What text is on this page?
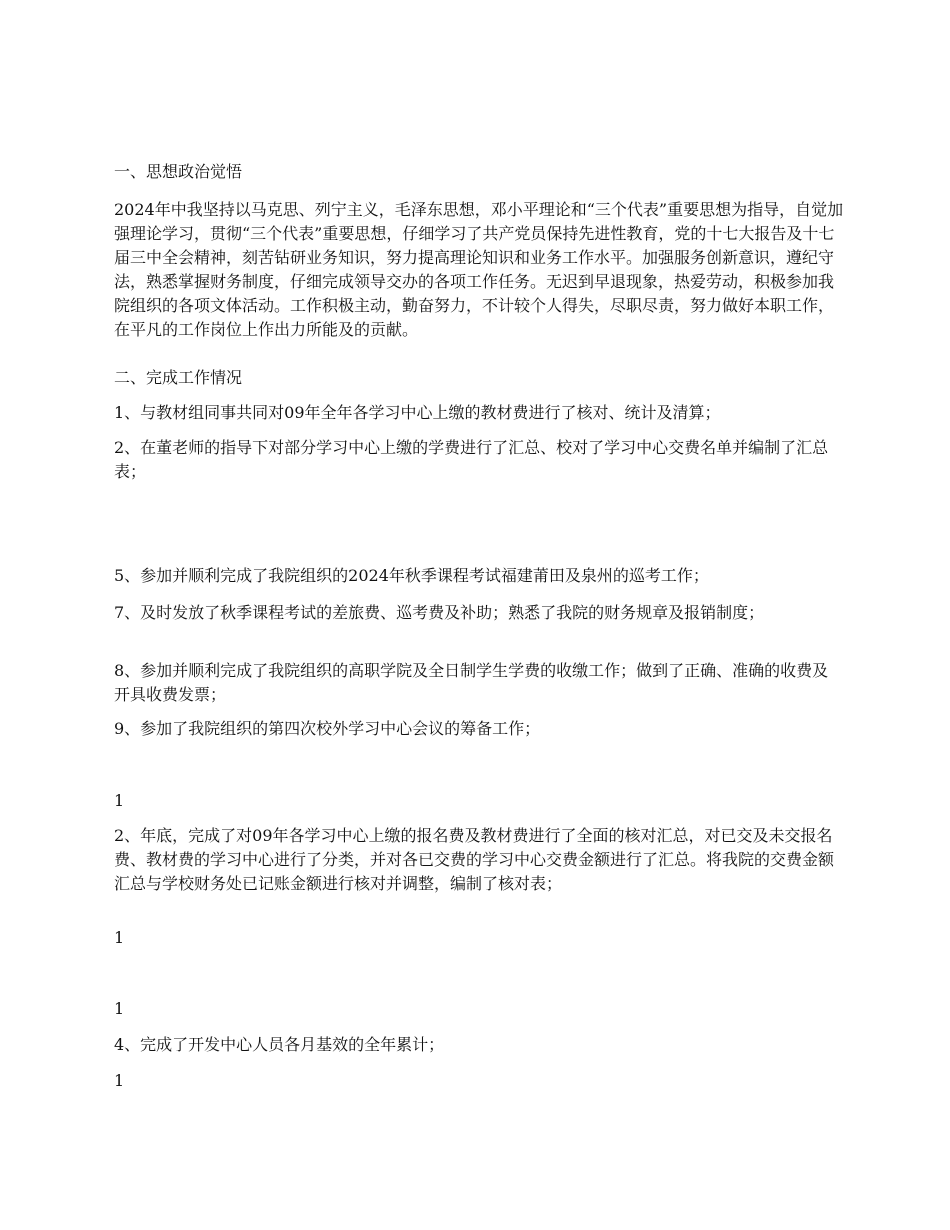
一、思想政治觉悟

2024年中我坚持以马克思、列宁主义，毛泽东思想，邓小平理论和“三个代表”重要思想为指导，自觉加强理论学习，贯彻“三个代表”重要思想，仔细学习了共产党员保持先进性教育，党的十七大报告及十七届三中全会精神，刻苦钻研业务知识，努力提高理论知识和业务工作水平。加强服务创新意识，遵纪守法，熟悉掌握财务制度，仔细完成领导交办的各项工作任务。无迟到早退现象，热爱劳动，积极参加我院组织的各项文体活动。工作积极主动，勤奋努力，不计较个人得失，尽职尽责，努力做好本职工作，在平凡的工作岗位上作出力所能及的贡献。

二、完成工作情况

1、与教材组同事共同对09年全年各学习中心上缴的教材费进行了核对、统计及清算；

2、在董老师的指导下对部分学习中心上缴的学费进行了汇总、校对了学习中心交费名单并编制了汇总表；

5、参加并顺利完成了我院组织的2024年秋季课程考试福建莆田及泉州的巡考工作；

7、及时发放了秋季课程考试的差旅费、巡考费及补助；熟悉了我院的财务规章及报销制度；

8、参加并顺利完成了我院组织的高职学院及全日制学生学费的收缴工作；做到了正确、准确的收费及开具收费发票；

9、参加了我院组织的第四次校外学习中心会议的筹备工作；

1

2、年底，完成了对09年各学习中心上缴的报名费及教材费进行了全面的核对汇总，对已交及未交报名费、教材费的学习中心进行了分类，并对各已交费的学习中心交费金额进行了汇总。将我院的交费金额汇总与学校财务处已记账金额进行核对并调整，编制了核对表；

1

1

4、完成了开发中心人员各月基效的全年累计；

1
